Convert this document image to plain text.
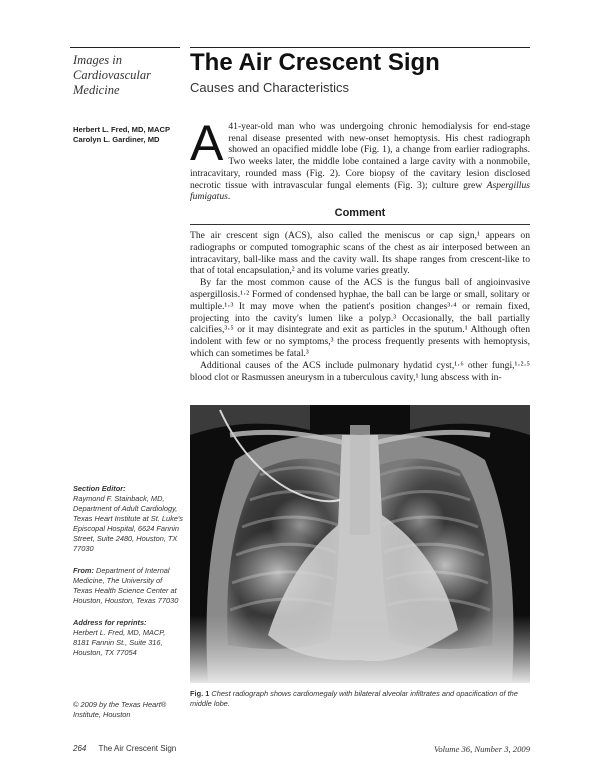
Images in Cardiovascular Medicine
The Air Crescent Sign
Causes and Characteristics
Herbert L. Fred, MD, MACP
Carolyn L. Gardiner, MD A 41-year-old man who was undergoing chronic hemodialysis for end-stage renal disease presented with new-onset hemoptysis. His chest radiograph showed an opacified middle lobe (Fig. 1), a change from earlier radiographs. Two weeks later, the middle lobe contained a large cavity with a nonmobile, intracavitary, rounded mass (Fig. 2). Core biopsy of the cavitary lesion disclosed necrotic tissue with intravascular fungal elements (Fig. 3); culture grew Aspergillus fumigatus.
Comment

The air crescent sign (ACS), also called the meniscus or cap sign,¹ appears on radiographs or computed tomographic scans of the chest as air interposed between an intracavitary, ball-like mass and the cavity wall. Its shape ranges from crescent-like to that of total encapsulation,² and its volume varies greatly.

By far the most common cause of the ACS is the fungus ball of angioinvasive aspergillosis.¹·² Formed of condensed hyphae, the ball can be large or small, solitary or multiple.¹·³ It may move when the patient's position changes³·⁴ or remain fixed, projecting into the cavity's lumen like a polyp.³ Occasionally, the ball partially calcifies,³·⁵ or it may disintegrate and exit as particles in the sputum.¹ Although often indolent with few or no symptoms,³ the process frequently presents with hemoptysis, which can sometimes be fatal.³

Additional causes of the ACS include pulmonary hydatid cyst,¹·⁶ other fungi,¹·²·⁵ blood clot or Rasmussen aneurysm in a tuberculous cavity,¹ lung abscess with in-

Section Editor:
Raymond F. Stainback, MD, Department of Adult Cardiology, Texas Heart Institute at St. Luke's Episcopal Hospital, 6624 Fannin Street, Suite 2480, Houston, TX 77030
From: Department of Internal Medicine, The University of Texas Health Science Center at Houston, Houston, Texas 77030
Address for reprints:
Herbert L. Fred, MD, MACP, 8181 Fannin St., Suite 316, Houston, TX 77054
© 2009 by the Texas Heart® Institute, Houston
Fig. 1 Chest radiograph shows cardiomegaly with bilateral alveolar infiltrates and opacification of the middle lobe.
264 The Air Crescent Sign	Volume 36, Number 3, 2009
